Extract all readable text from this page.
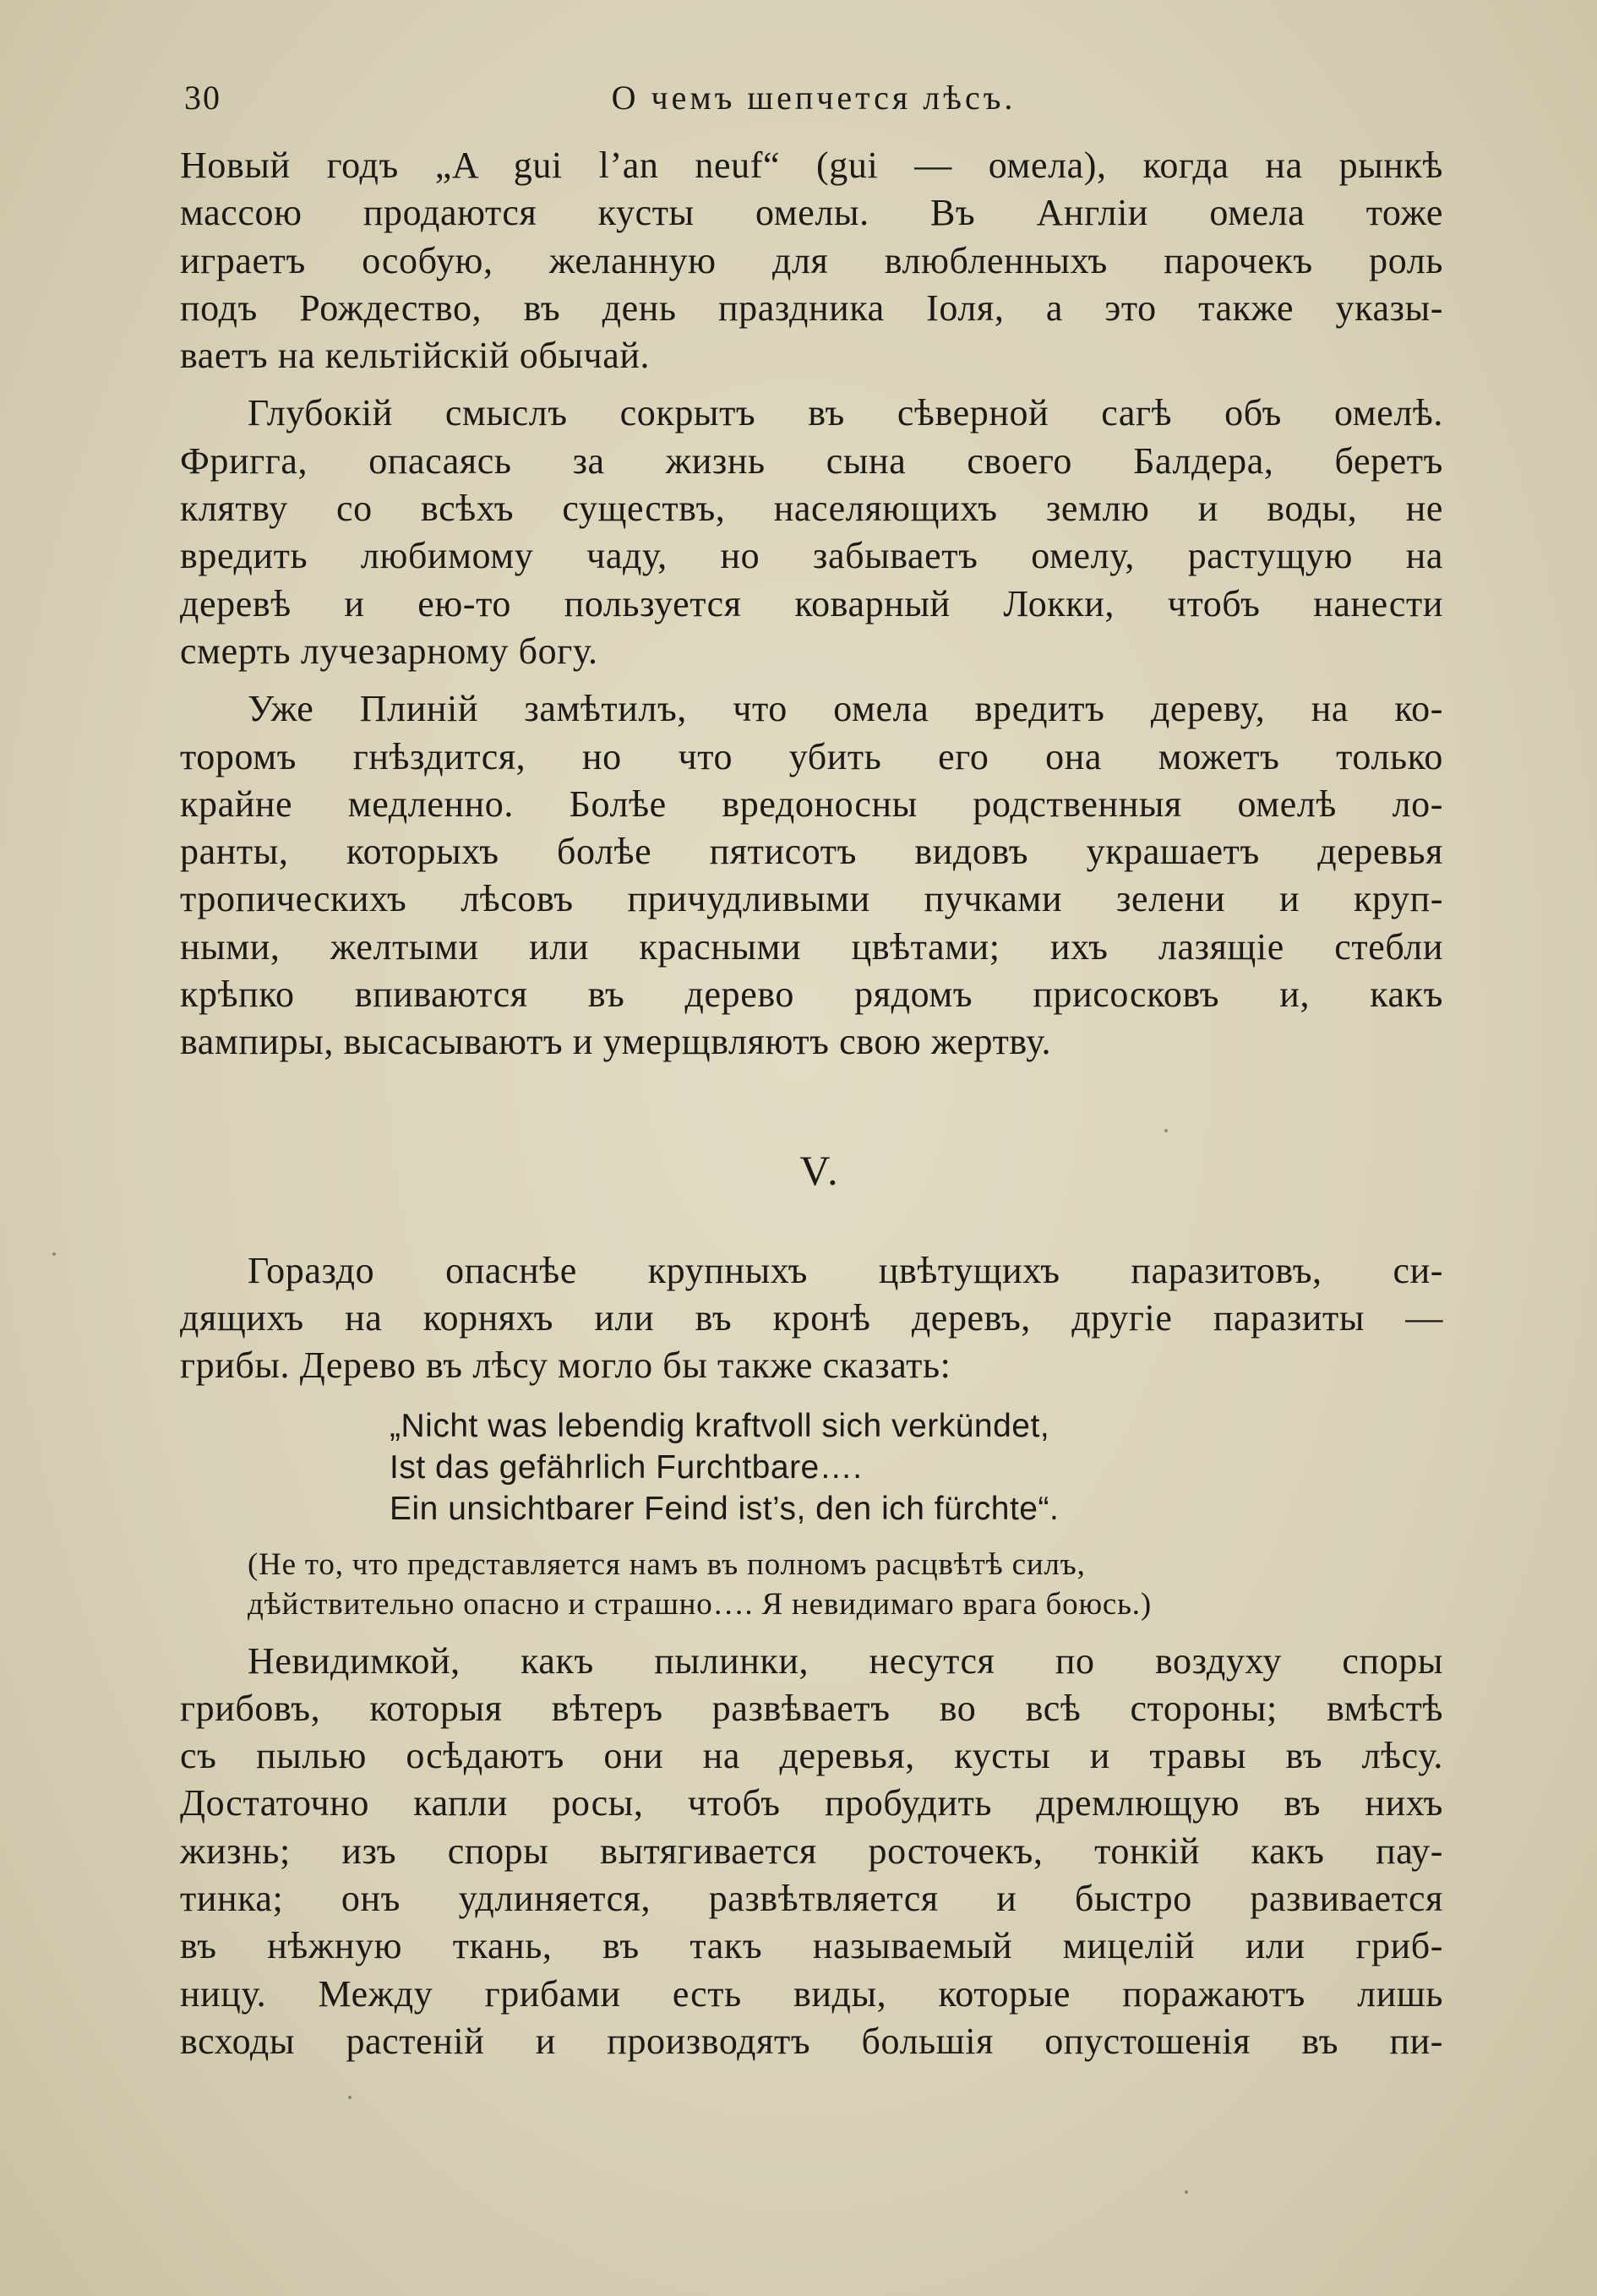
30	О чемъ шепчется лѣсъ.

Новый годъ „A gui l’an neuf“ (gui — омела), когда на рынкѣ
массою продаются кусты омелы. Въ Англіи омела тоже
играетъ особую, желанную для влюбленныхъ парочекъ роль
подъ Рождество, въ день праздника Іоля, а это также указы-
ваетъ на кельтійскій обычай.

Глубокій смыслъ сокрытъ въ сѣверной сагѣ объ омелѣ.
Фригга, опасаясь за жизнь сына своего Балдера, беретъ
клятву со всѣхъ существъ, населяющихъ землю и воды, не
вредить любимому чаду, но забываетъ омелу, растущую на
деревѣ и ею-то пользуется коварный Локки, чтобъ нанести
смерть лучезарному богу.

Уже Плиній замѣтилъ, что омела вредитъ дереву, на ко-
торомъ гнѣздится, но что убить его она можетъ только
крайне медленно. Болѣе вредоносны родственныя омелѣ ло-
ранты, которыхъ болѣе пятисотъ видовъ украшаетъ деревья
тропическихъ лѣсовъ причудливыми пучками зелени и круп-
ными, желтыми или красными цвѣтами; ихъ лазящіе стебли
крѣпко впиваются въ дерево рядомъ присосковъ и, какъ
вампиры, высасываютъ и умерщвляютъ свою жертву.

V.

Гораздо опаснѣе крупныхъ цвѣтущихъ паразитовъ, си-
дящихъ на корняхъ или въ кронѣ деревъ, другіе паразиты —
грибы. Дерево въ лѣсу могло бы также сказать:

„Nicht was lebendig kraftvoll sich verkündet,
Ist das gefährlich Furchtbare….
Ein unsichtbarer Feind ist’s, den ich fürchte“.
(Не то, что представляется намъ въ полномъ расцвѣтѣ силъ,
дѣйствительно опасно и страшно…. Я невидимаго врага боюсь.)

Невидимкой, какъ пылинки, несутся по воздуху споры
грибовъ, которыя вѣтеръ развѣваетъ во всѣ стороны; вмѣстѣ
съ пылью осѣдаютъ они на деревья, кусты и травы въ лѣсу.
Достаточно капли росы, чтобъ пробудить дремлющую въ нихъ
жизнь; изъ споры вытягивается росточекъ, тонкій какъ пау-
тинка; онъ удлиняется, развѣтвляется и быстро развивается
въ нѣжную ткань, въ такъ называемый мицелій или гриб-
ницу. Между грибами есть виды, которые поражаютъ лишь
всходы растеній и производятъ большія опустошенія въ пи-
